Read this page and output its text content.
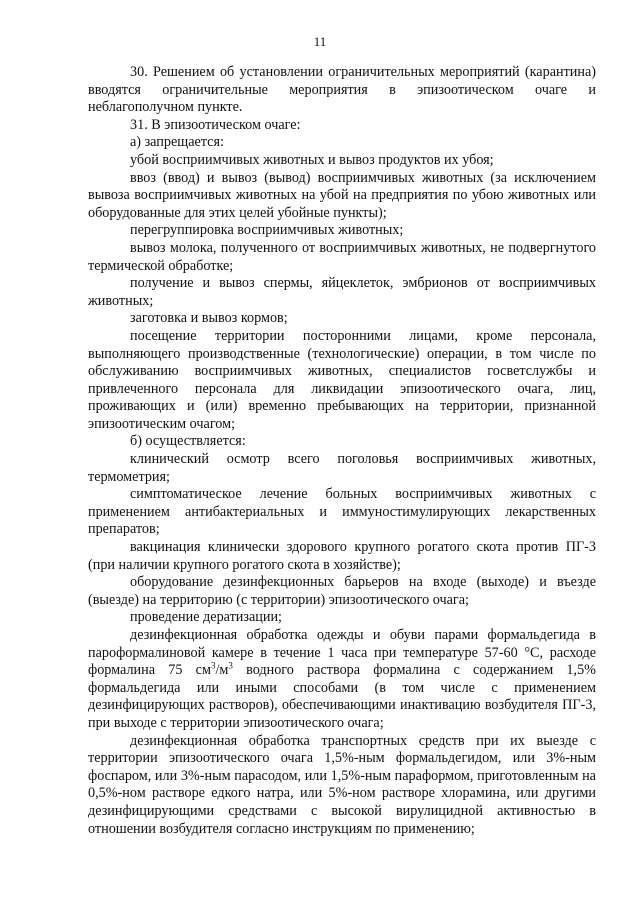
11

30. Решением об установлении ограничительных мероприятий (карантина) вводятся ограничительные мероприятия в эпизоотическом очаге и неблагополучном пункте.

31. В эпизоотическом очаге:

а) запрещается:

убой восприимчивых животных и вывоз продуктов их убоя;

ввоз (ввод) и вывоз (вывод) восприимчивых животных (за исключением вывоза восприимчивых животных на убой на предприятия по убою животных или оборудованные для этих целей убойные пункты);

перегруппировка восприимчивых животных;

вывоз молока, полученного от восприимчивых животных, не подвергнутого термической обработке;

получение и вывоз спермы, яйцеклеток, эмбрионов от восприимчивых животных;

заготовка и вывоз кормов;

посещение территории посторонними лицами, кроме персонала, выполняющего производственные (технологические) операции, в том числе по обслуживанию восприимчивых животных, специалистов госветслужбы и привлеченного персонала для ликвидации эпизоотического очага, лиц, проживающих и (или) временно пребывающих на территории, признанной эпизоотическим очагом;

б) осуществляется:

клинический осмотр всего поголовья восприимчивых животных, термометрия;

симптоматическое лечение больных восприимчивых животных с применением антибактериальных и иммуностимулирующих лекарственных препаратов;

вакцинация клинически здорового крупного рогатого скота против ПГ-3 (при наличии крупного рогатого скота в хозяйстве);

оборудование дезинфекционных барьеров на входе (выходе) и въезде (выезде) на территорию (с территории) эпизоотического очага;

проведение дератизации;

дезинфекционная обработка одежды и обуви парами формальдегида в пароформалиновой камере в течение 1 часа при температуре 57-60 °С, расходе формалина 75 $см^3/м^3$ водного раствора формалина с содержанием 1,5% формальдегида или иными способами (в том числе с применением дезинфицирующих растворов), обеспечивающими инактивацию возбудителя ПГ-3, при выходе с территории эпизоотического очага;

дезинфекционная обработка транспортных средств при их выезде с территории эпизоотического очага 1,5%-ным формальдегидом, или 3%-ным фоспаром, или 3%-ным парасодом, или 1,5%-ным параформом, приготовленным на 0,5%-ном растворе едкого натра, или 5%-ном растворе хлорамина, или другими дезинфицирующими средствами с высокой вирулицидной активностью в отношении возбудителя согласно инструкциям по применению;
